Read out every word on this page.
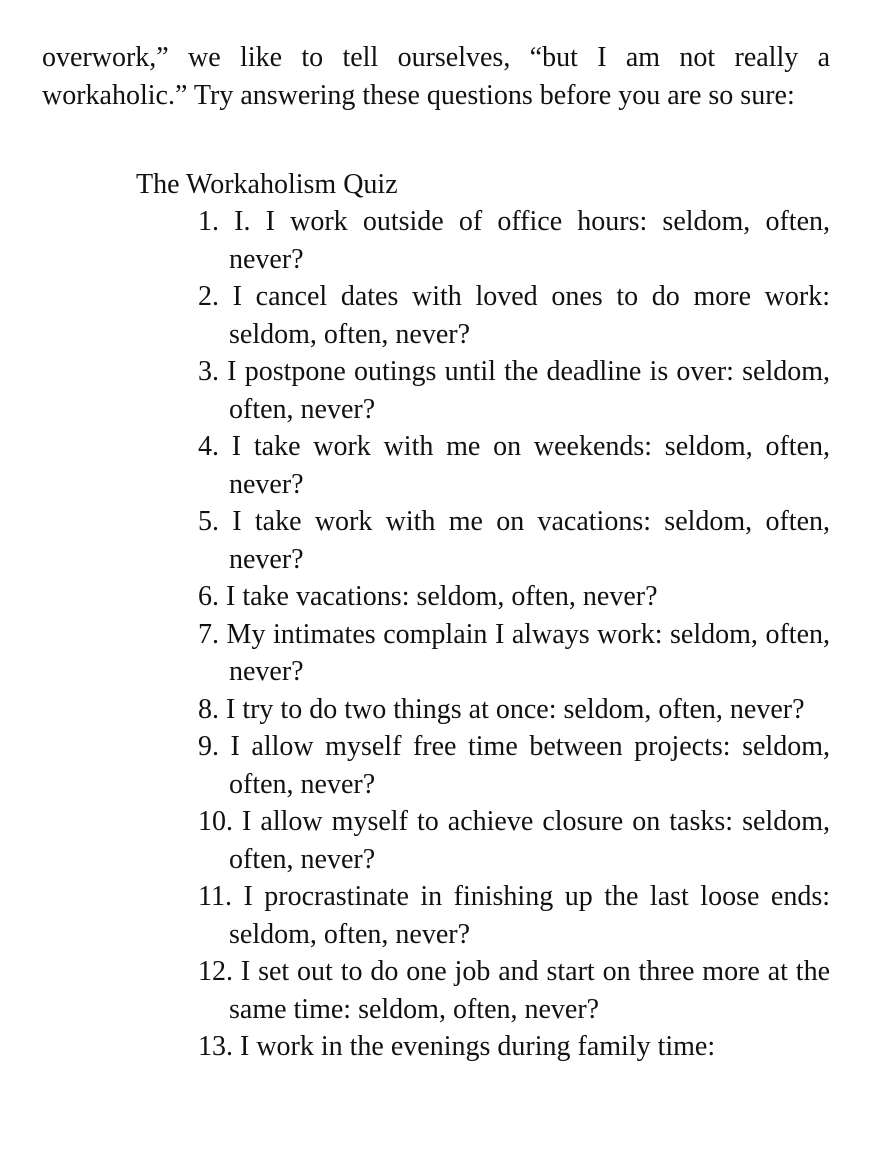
overwork,” we like to tell ourselves, “but I am not really a workaholic.” Try answering these questions before you are so sure:

The Workaholism Quiz
1. I. I work outside of office hours: seldom, often, never?
2. I cancel dates with loved ones to do more work: seldom, often, never?
3. I postpone outings until the deadline is over: seldom, often, never?
4. I take work with me on weekends: seldom, often, never?
5. I take work with me on vacations: seldom, often, never?
6. I take vacations: seldom, often, never?
7. My intimates complain I always work: seldom, often, never?
8. I try to do two things at once: seldom, often, never?
9. I allow myself free time between projects: seldom, often, never?
10. I allow myself to achieve closure on tasks: seldom, often, never?
11. I procrastinate in finishing up the last loose ends: seldom, often, never?
12. I set out to do one job and start on three more at the same time: seldom, often, never?
13. I work in the evenings during family time:
